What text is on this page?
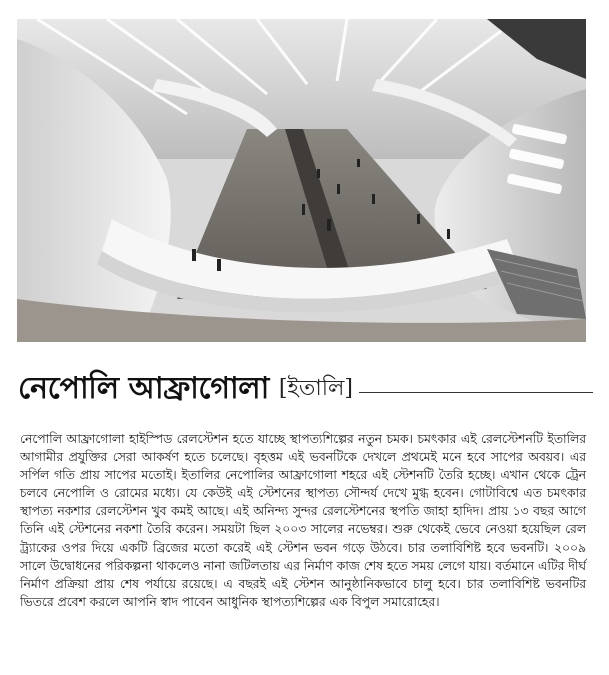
নেপোলি আফ্রাগোলা [ইতালি]
নেপোলি আফ্রাগোলা হাইস্পিড রেলস্টেশন হতে যাচ্ছে স্থাপত্যশিল্পের নতুন চমক। চমৎকার এই রেলস্টেশনটি ইতালির আগামীর প্রযুক্তির সেরা আকর্ষণ হতে চলেছে। বৃহত্তম এই ভবনটিকে দেখলে প্রথমেই মনে হবে সাপের অবয়ব। এর সর্পিল গতি প্রায় সাপের মতোই। ইতালির নেপোলির আফ্রাগোলা শহরে এই স্টেশনটি তৈরি হচ্ছে। এখান থেকে ট্রেন চলবে নেপোলি ও রোমের মধ্যে। যে কেউই এই স্টেশনের স্থাপত্য সৌন্দর্য দেখে মুগ্ধ হবেন। গোটাবিশ্বে এত চমৎকার স্থাপত্য নকশার রেলস্টেশন খুব কমই আছে। এই অনিন্দ্য সুন্দর রেলস্টেশনের স্থপতি জাহা হাদিদ। প্রায় ১৩ বছর আগে তিনি এই স্টেশনের নকশা তৈরি করেন। সময়টা ছিল ২০০৩ সালের নভেম্বর। শুরু থেকেই ভেবে নেওয়া হয়েছিল রেল ট্র্যাকের ওপর দিয়ে একটি ব্রিজের মতো করেই এই স্টেশন ভবন গড়ে উঠবে। চার তলাবিশিষ্ট হবে ভবনটি। ২০০৯ সালে উদ্বোধনের পরিকল্পনা থাকলেও নানা জটিলতায় এর নির্মাণ কাজ শেষ হতে সময় লেগে যায়। বর্তমানে এটির দীর্ঘ নির্মাণ প্রক্রিয়া প্রায় শেষ পর্যায়ে রয়েছে। এ বছরই এই স্টেশন আনুষ্ঠানিকভাবে চালু হবে। চার তলাবিশিষ্ট ভবনটির ভিতরে প্রবেশ করলে আপনি স্বাদ পাবেন আধুনিক স্থাপত্যশিল্পের এক বিপুল সমারোহের।
